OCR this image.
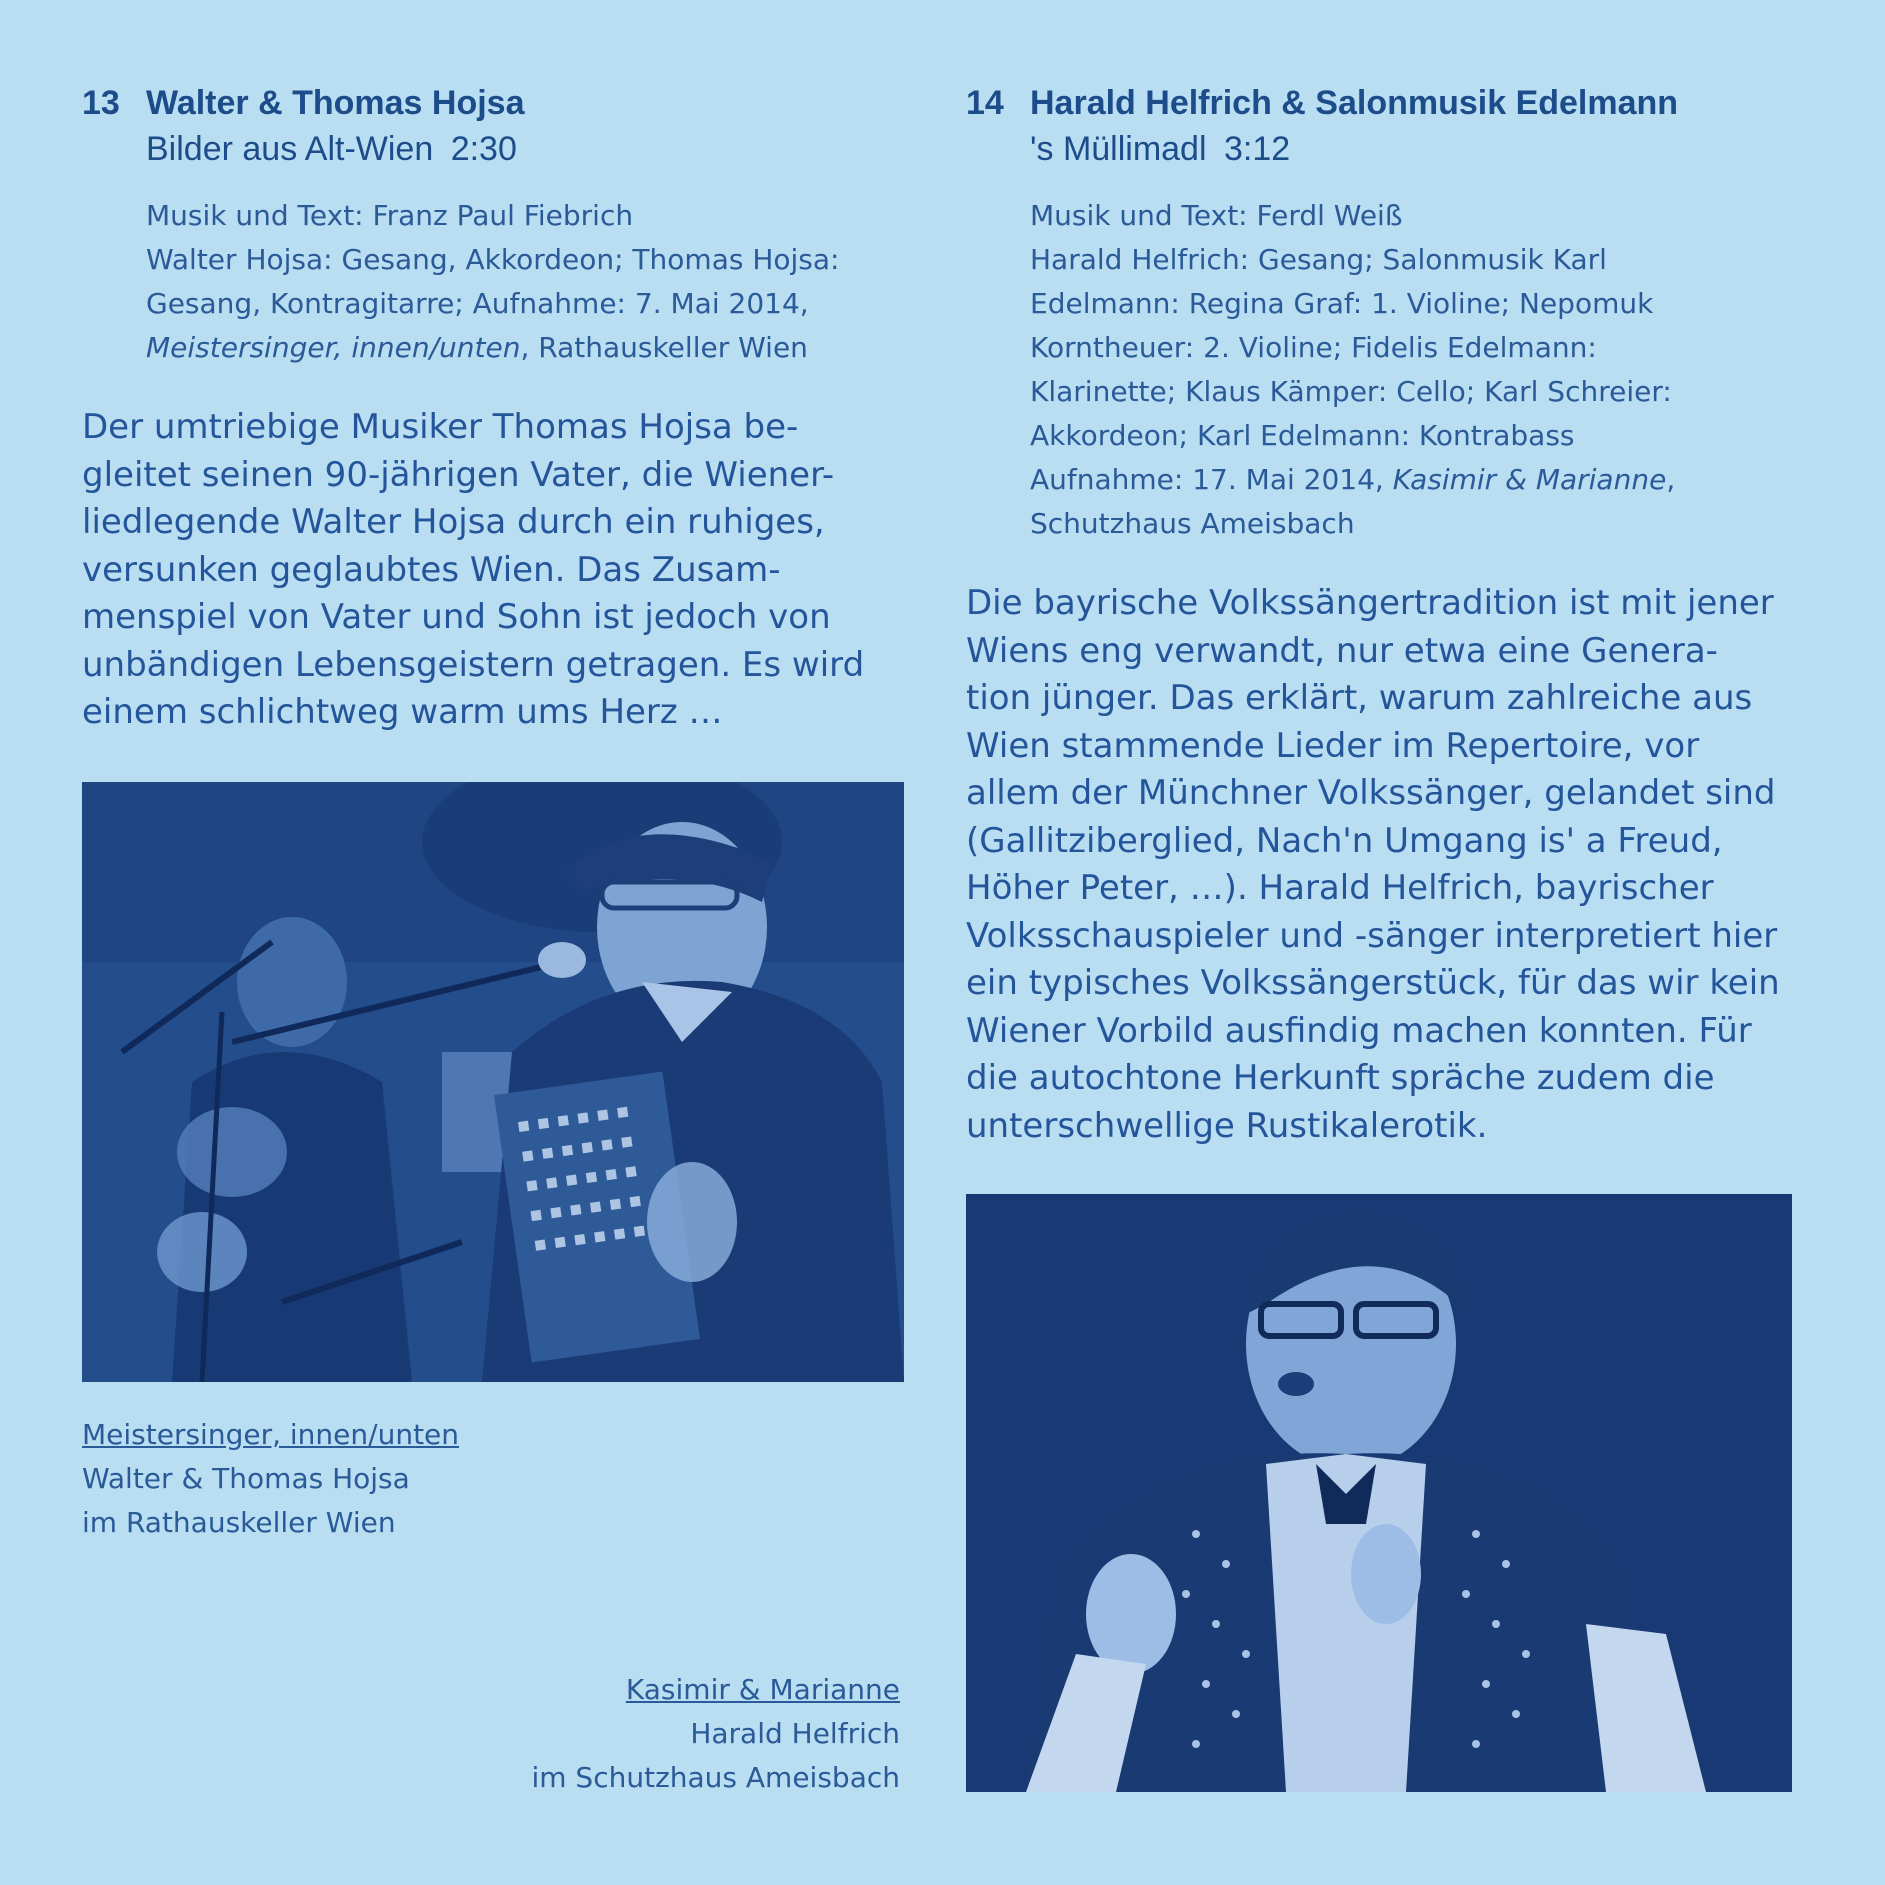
13 Walter & Thomas Hojsa
Bilder aus Alt-Wien 2:30
Musik und Text: Franz Paul Fiebrich
Walter Hojsa: Gesang, Akkordeon; Thomas Hojsa:
Gesang, Kontragitarre; Aufnahme: 7. Mai 2014,
Meistersinger, innen/unten, Rathauskeller Wien
Der umtriebige Musiker Thomas Hojsa be-
gleitet seinen 90-jährigen Vater, die Wiener-
liedlegende Walter Hojsa durch ein ruhiges,
versunken geglaubtes Wien. Das Zusam-
menspiel von Vater und Sohn ist jedoch von
unbändigen Lebensgeistern getragen. Es wird
einem schlichtweg warm ums Herz …
Meistersinger, innen/unten
Walter & Thomas Hojsa
im Rathauskeller Wien
Kasimir & Marianne
Harald Helfrich
im Schutzhaus Ameisbach
14 Harald Helfrich & Salonmusik Edelmann
's Müllimadl 3:12
Musik und Text: Ferdl Weiß
Harald Helfrich: Gesang; Salonmusik Karl
Edelmann: Regina Graf: 1. Violine; Nepomuk
Korntheuer: 2. Violine; Fidelis Edelmann:
Klarinette; Klaus Kämper: Cello; Karl Schreier:
Akkordeon; Karl Edelmann: Kontrabass
Aufnahme: 17. Mai 2014, Kasimir & Marianne,
Schutzhaus Ameisbach
Die bayrische Volkssängertradition ist mit jener
Wiens eng verwandt, nur etwa eine Genera-
tion jünger. Das erklärt, warum zahlreiche aus
Wien stammende Lieder im Repertoire, vor
allem der Münchner Volkssänger, gelandet sind
(Gallitziberglied, Nach'n Umgang is' a Freud,
Höher Peter, …). Harald Helfrich, bayrischer
Volksschauspieler und -sänger interpretiert hier
ein typisches Volkssängerstück, für das wir kein
Wiener Vorbild ausfindig machen konnten. Für
die autochtone Herkunft spräche zudem die
unterschwellige Rustikalerotik.
